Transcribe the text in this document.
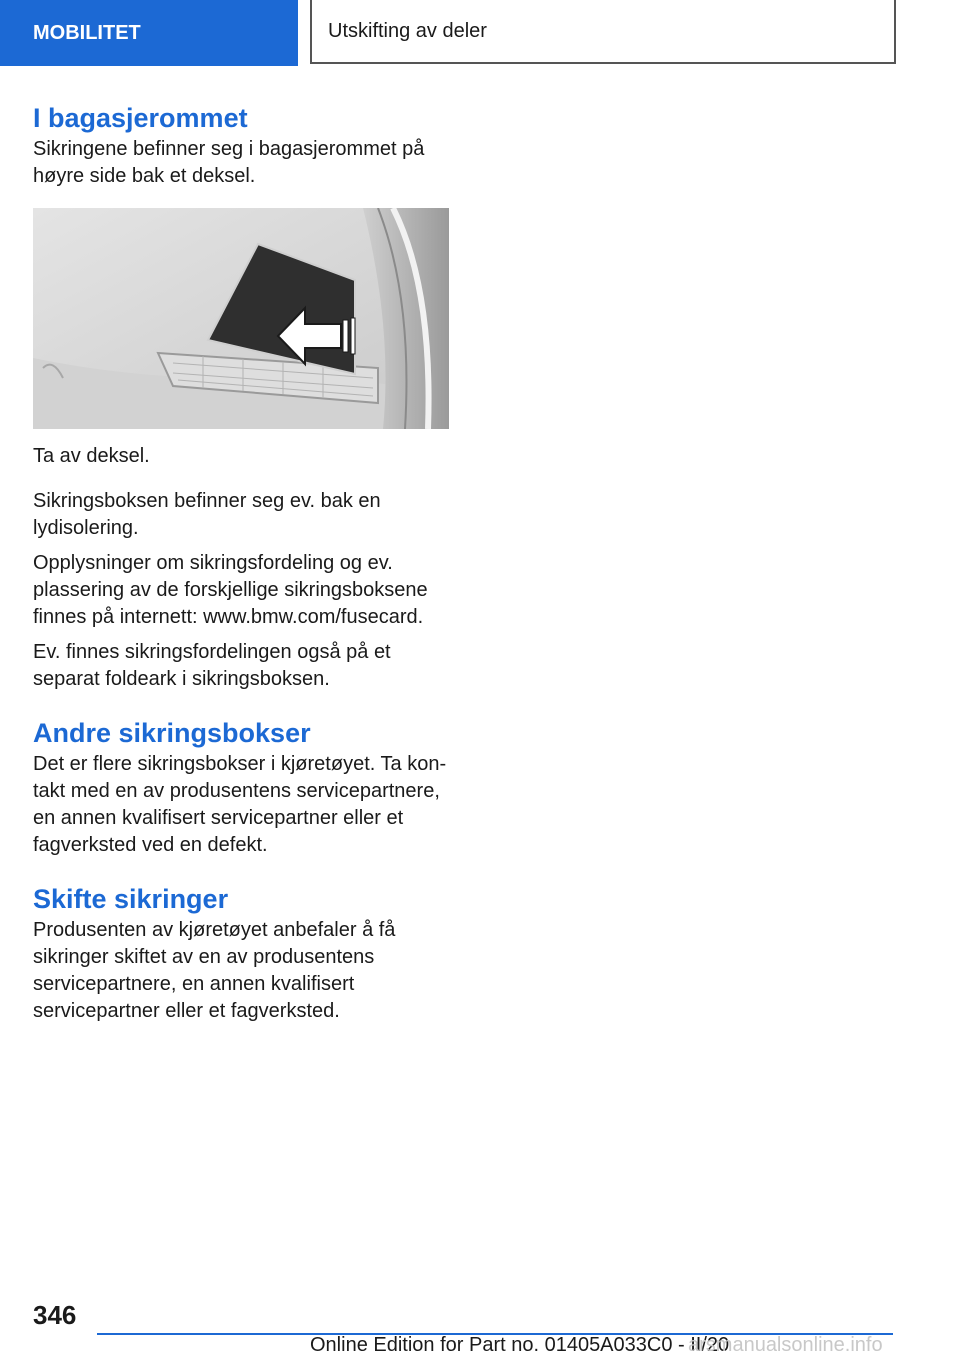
MOBILITET	Utskifting av deler
I bagasjerommet

Sikringene befinner seg i bagasjerommet på høyre side bak et deksel.

Ta av deksel.

Sikringsboksen befinner seg ev. bak en lydisolering.

Opplysninger om sikringsfordeling og ev. plassering av de forskjellige sikringsboksene finnes på internett: www.bmw.com/fusecard.

Ev. finnes sikringsfordelingen også på et separat foldeark i sikringsboksen.

Andre sikringsbokser

Det er flere sikringsbokser i kjøretøyet. Ta kontakt med en av produsentens servicepartnere, en annen kvalifisert servicepartner eller et fagverksted ved en defekt.

Skifte sikringer

Produsenten av kjøretøyet anbefaler å få sikringer skiftet av en av produsentens servicepartnere, en annen kvalifisert servicepartner eller et fagverksted.

346
Online Edition for Part no. 01405A033C0 - II/20
arsmanualsonline.info
